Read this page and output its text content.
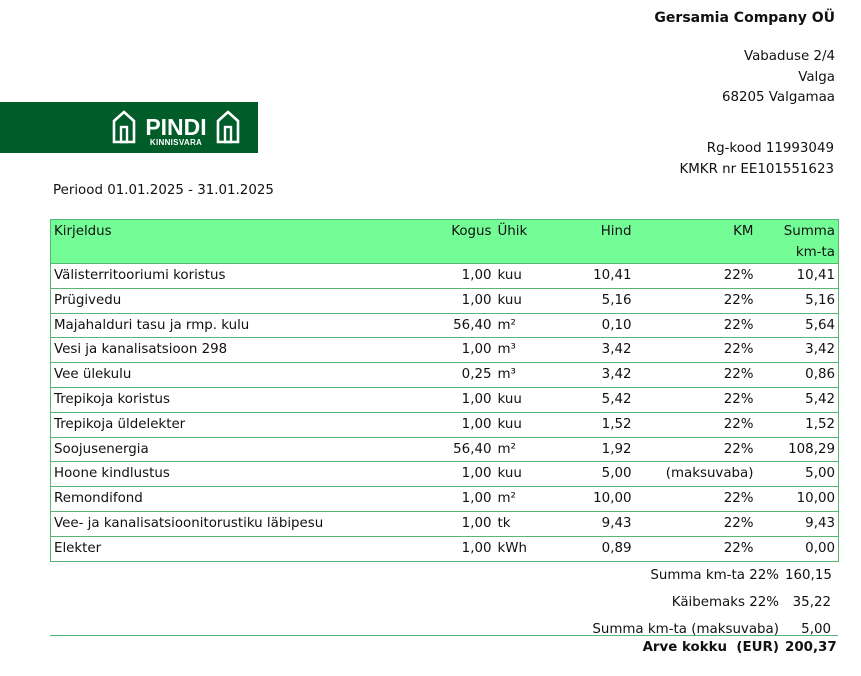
Gersamia Company OÜ
Vabaduse 2/4
Valga
68205 Valgamaa
PINDI
KINNISVARA	Rg-kood 11993049
KMKR nr EE101551623
Periood 01.01.2025 - 31.01.2025
Kirjeldus	Kogus	Ühik	Hind	KM	Summa
km-ta

Välisterritooriumi koristus	1,00	kuu	10,41	22%	10,41
Prügivedu	1,00	kuu	5,16	22%	5,16
Majahalduri tasu ja rmp. kulu	56,40	m²	0,10	22%	5,64
Vesi ja kanalisatsioon 298	1,00	m³	3,42	22%	3,42
Vee ülekulu	0,25	m³	3,42	22%	0,86
Trepikoja koristus	1,00	kuu	5,42	22%	5,42
Trepikoja üldelekter	1,00	kuu	1,52	22%	1,52
Soojusenergia	56,40	m²	1,92	22%	108,29
Hoone kindlustus	1,00	kuu	5,00	(maksuvaba)	5,00
Remondifond	1,00	m²	10,00	22%	10,00
Vee- ja kanalisatsioonitorustiku läbipesu	1,00	tk	9,43	22%	9,43
Elekter	1,00	kWh	0,89	22%	0,00
Summa km-ta 22% 160,15
Käibemaks 22%	35,22
Summa km-ta (maksuvaba)	5,00
Arve kokku  (EUR) 200,37
